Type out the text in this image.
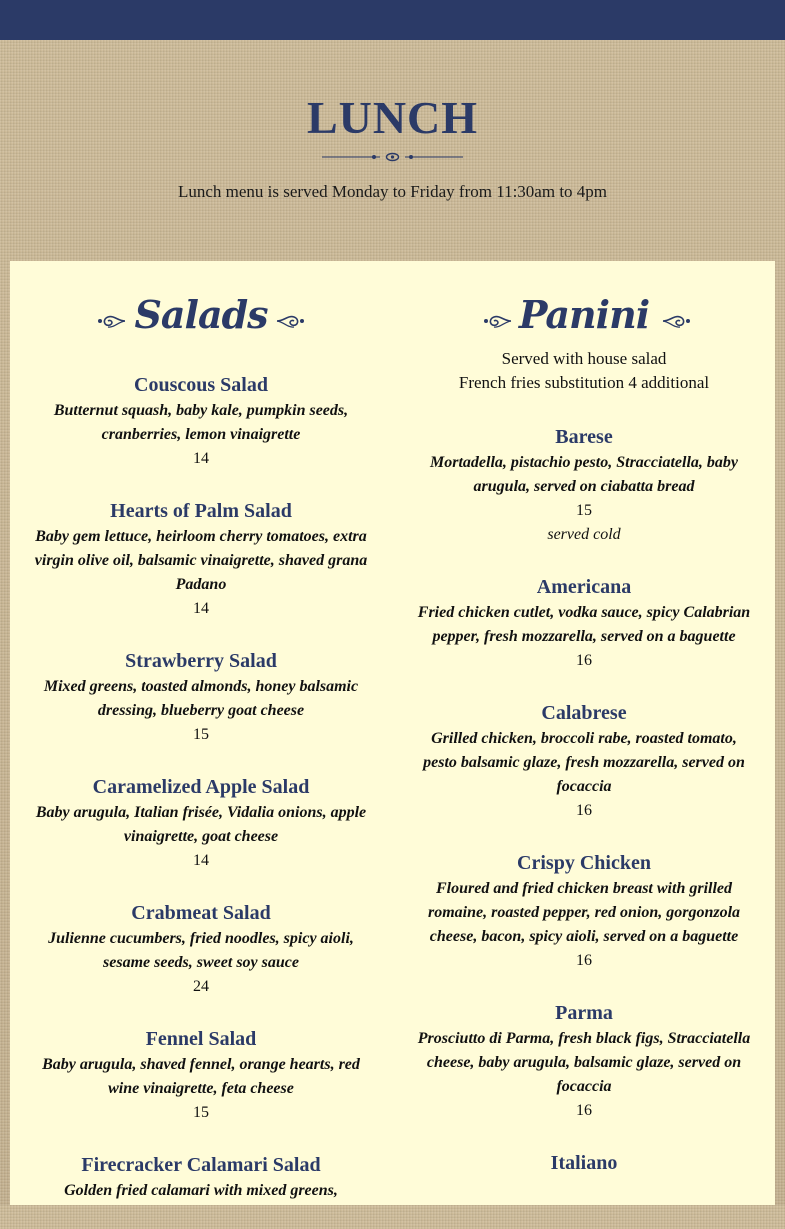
LUNCH
Lunch menu is served Monday to Friday from 11:30am to 4pm
Salads
Couscous Salad
Butternut squash, baby kale, pumpkin seeds, cranberries, lemon vinaigrette
14
Hearts of Palm Salad
Baby gem lettuce, heirloom cherry tomatoes, extra virgin olive oil, balsamic vinaigrette, shaved grana Padano
14
Strawberry Salad
Mixed greens, toasted almonds, honey balsamic dressing, blueberry goat cheese
15
Caramelized Apple Salad
Baby arugula, Italian frisée, Vidalia onions, apple vinaigrette, goat cheese
14
Crabmeat Salad
Julienne cucumbers, fried noodles, spicy aioli, sesame seeds, sweet soy sauce
24
Fennel Salad
Baby arugula, shaved fennel, orange hearts, red wine vinaigrette, feta cheese
15
Firecracker Calamari Salad
Golden fried calamari with mixed greens,
Panini
Served with house salad
French fries substitution 4 additional
Barese
Mortadella, pistachio pesto, Stracciatella, baby arugula, served on ciabatta bread
15
served cold
Americana
Fried chicken cutlet, vodka sauce, spicy Calabrian pepper, fresh mozzarella, served on a baguette
16
Calabrese
Grilled chicken, broccoli rabe, roasted tomato, pesto balsamic glaze, fresh mozzarella, served on focaccia
16
Crispy Chicken
Floured and fried chicken breast with grilled romaine, roasted pepper, red onion, gorgonzola cheese, bacon, spicy aioli, served on a baguette
16
Parma
Prosciutto di Parma, fresh black figs, Stracciatella cheese, baby arugula, balsamic glaze, served on focaccia
16
Italiano
